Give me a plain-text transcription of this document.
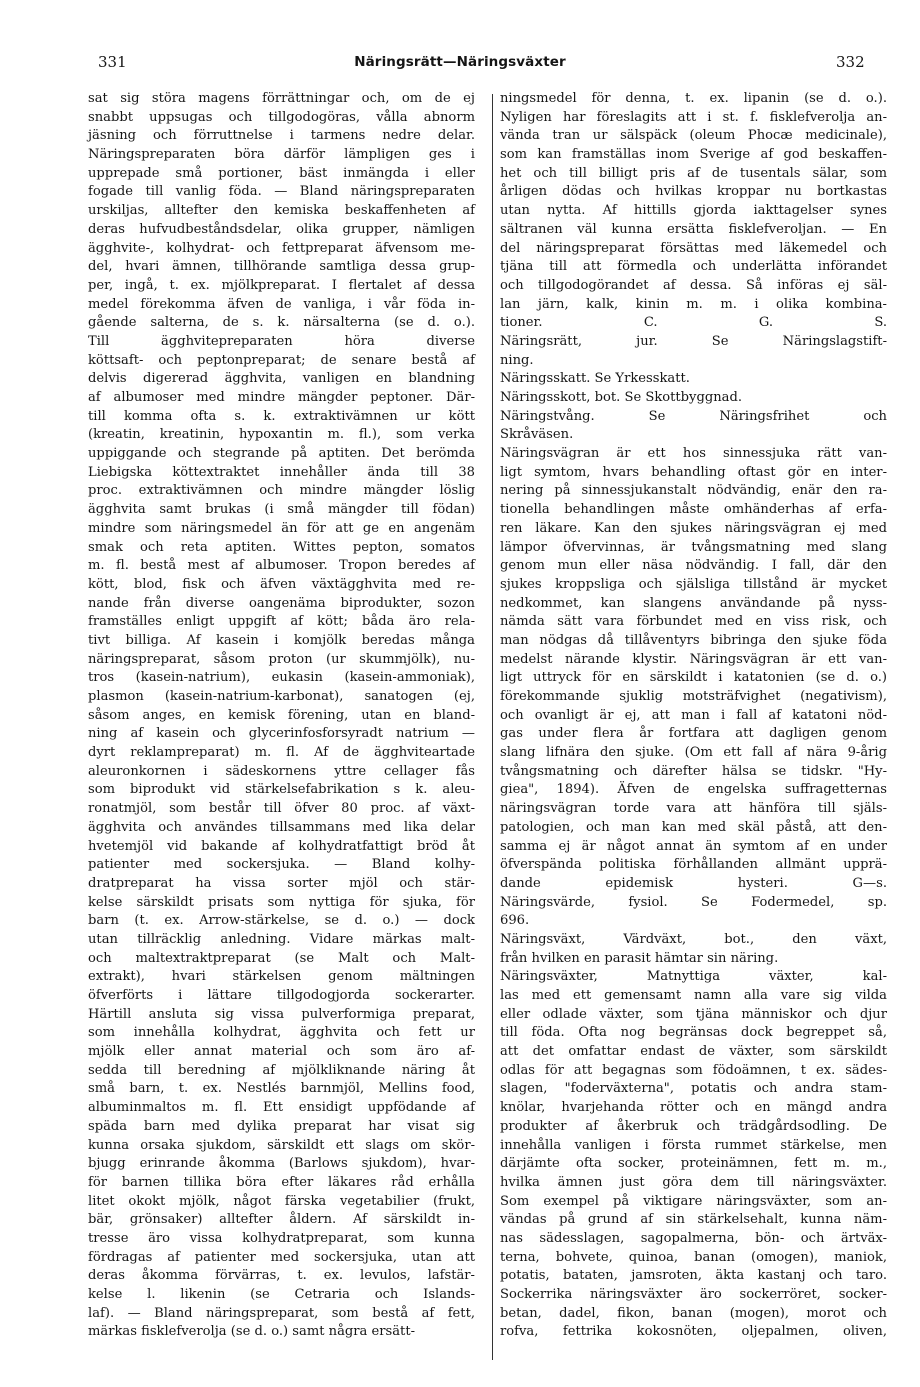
331	Näringsrätt—Näringsväxter	332
sat sig störa magens förrättningar och, om de ej
snabbt uppsugas och tillgodogöras, vålla abnorm
jäsning och förruttnelse i tarmens nedre delar.
Näringspreparaten böra därför lämpligen ges i
upprepade små portioner, bäst inmängda i eller
fogade till vanlig föda. — Bland näringspreparaten
urskiljas, alltefter den kemiska beskaffenheten af
deras hufvudbeståndsdelar, olika grupper, nämligen
ägghvite-, kolhydrat- och fettpreparat äfvensom me-
del, hvari ämnen, tillhörande samtliga dessa grup-
per, ingå, t. ex. mjölkpreparat. I flertalet af dessa
medel förekomma äfven de vanliga, i vår föda in-
gående salterna, de s. k. närsalterna (se d. o.).
Till ägghvitepreparaten höra diverse
köttsaft- och peptonpreparat; de senare bestå af
delvis digererad ägghvita, vanligen en blandning
af albumoser med mindre mängder peptoner. Där-
till komma ofta s. k. extraktivämnen ur kött
(kreatin, kreatinin, hypoxantin m. fl.), som verka
uppiggande och stegrande på aptiten. Det berömda
Liebigska köttextraktet innehåller ända till 38
proc. extraktivämnen och mindre mängder löslig
ägghvita samt brukas (i små mängder till födan)
mindre som näringsmedel än för att ge en angenäm
smak och reta aptiten. Wittes pepton, somatos
m. fl. bestå mest af albumoser. Tropon beredes af
kött, blod, fisk och äfven växtägghvita med re-
nande från diverse oangenäma biprodukter, sozon
framställes enligt uppgift af kött; båda äro rela-
tivt billiga. Af kasein i komjölk beredas många
näringspreparat, såsom proton (ur skummjölk), nu-
tros (kasein-natrium), eukasin (kasein-ammoniak),
plasmon (kasein-natrium-karbonat), sanatogen (ej,
såsom anges, en kemisk förening, utan en bland-
ning af kasein och glycerinfosforsyradt natrium —
dyrt reklampreparat) m. fl. Af de ägghviteartade
aleuronkornen i sädeskornens yttre cellager fås
som biprodukt vid stärkelsefabrikation s k. aleu-
ronatmjöl, som består till öfver 80 proc. af växt-
ägghvita och användes tillsammans med lika delar
hvetemjöl vid bakande af kolhydratfattigt bröd åt
patienter med sockersjuka. — Bland kolhy-
dratpreparat ha vissa sorter mjöl och stär-
kelse särskildt prisats som nyttiga för sjuka, för
barn (t. ex. Arrow-stärkelse, se d. o.) — dock
utan tillräcklig anledning. Vidare märkas malt-
och maltextraktpreparat (se Malt och Malt-
extrakt), hvari stärkelsen genom mältningen
öfverförts i lättare tillgodogjorda sockerarter.
Härtill ansluta sig vissa pulverformiga preparat,
som innehålla kolhydrat, ägghvita och fett ur
mjölk eller annat material och som äro af-
sedda till beredning af mjölkliknande näring åt
små barn, t. ex. Nestlés barnmjöl, Mellins food,
albuminmaltos m. fl. Ett ensidigt uppfödande af
späda barn med dylika preparat har visat sig
kunna orsaka sjukdom, särskildt ett slags om skör-
bjugg erinrande åkomma (Barlows sjukdom), hvar-
för barnen tillika böra efter läkares råd erhålla
litet okokt mjölk, något färska vegetabilier (frukt,
bär, grönsaker) alltefter åldern. Af särskildt in-
tresse äro vissa kolhydratpreparat, som kunna
fördragas af patienter med sockersjuka, utan att
deras åkomma förvärras, t. ex. levulos, lafstär-
kelse l. likenin (se Cetraria och Islands-
laf). — Bland näringspreparat, som bestå af fett,
märkas fisklefverolja (se d. o.) samt några ersätt-
ningsmedel för denna, t. ex. lipanin (se d. o.).
Nyligen har föreslagits att i st. f. fisklefverolja an-
vända tran ur sälspäck (oleum Phocæ medicinale),
som kan framställas inom Sverige af god beskaffen-
het och till billigt pris af de tusentals sälar, som
årligen dödas och hvilkas kroppar nu bortkastas
utan nytta. Af hittills gjorda iakttagelser synes
sältranen väl kunna ersätta fisklefveroljan. — En
del näringspreparat försättas med läkemedel och
tjäna till att förmedla och underlätta införandet
och tillgodogörandet af dessa. Så införas ej säl-
lan järn, kalk, kinin m. m. i olika kombina-
tioner. C. G. S.
Näringsrätt, jur. Se Näringslagstift-
ning.
Näringsskatt. Se Yrkesskatt.
Näringsskott, bot. Se Skottbyggnad.
Näringstvång. Se Näringsfrihet och
Skråväsen.
Näringsvägran är ett hos sinnessjuka rätt van-
ligt symtom, hvars behandling oftast gör en inter-
nering på sinnessjukanstalt nödvändig, enär den ra-
tionella behandlingen måste omhänderhas af erfa-
ren läkare. Kan den sjukes näringsvägran ej med
lämpor öfvervinnas, är tvångsmatning med slang
genom mun eller näsa nödvändig. I fall, där den
sjukes kroppsliga och själsliga tillstånd är mycket
nedkommet, kan slangens användande på nyss-
nämda sätt vara förbundet med en viss risk, och
man nödgas då tillåventyrs bibringa den sjuke föda
medelst närande klystir. Näringsvägran är ett van-
ligt uttryck för en särskildt i katatonien (se d. o.)
förekommande sjuklig motsträfvighet (negativism),
och ovanligt är ej, att man i fall af katatoni nöd-
gas under flera år fortfara att dagligen genom
slang lifnära den sjuke. (Om ett fall af nära 9-årig
tvångsmatning och därefter hälsa se tidskr. "Hy-
giea", 1894). Äfven de engelska suffragetternas
näringsvägran torde vara att hänföra till själs-
patologien, och man kan med skäl påstå, att den-
samma ej är något annat än symtom af en under
öfverspända politiska förhållanden allmänt upprä-
dande epidemisk hysteri. G—s.
Näringsvärde, fysiol. Se Fodermedel, sp.
696.
Näringsväxt, Värdväxt, bot., den växt,
från hvilken en parasit hämtar sin näring.
Näringsväxter, Matnyttiga växter, kal-
las med ett gemensamt namn alla vare sig vilda
eller odlade växter, som tjäna människor och djur
till föda. Ofta nog begränsas dock begreppet så,
att det omfattar endast de växter, som särskildt
odlas för att begagnas som födoämnen, t ex. sädes-
slagen, "foderväxterna", potatis och andra stam-
knölar, hvarjehanda rötter och en mängd andra
produkter af åkerbruk och trädgårdsodling. De
innehålla vanligen i första rummet stärkelse, men
därjämte ofta socker, proteinämnen, fett m. m.,
hvilka ämnen just göra dem till näringsväxter.
Som exempel på viktigare näringsväxter, som an-
vändas på grund af sin stärkelsehalt, kunna näm-
nas sädesslagen, sagopalmerna, bön- och ärtväx-
terna, bohvete, quinoa, banan (omogen), maniok,
potatis, bataten, jamsroten, äkta kastanj och taro.
Sockerrika näringsväxter äro sockerröret, socker-
betan, dadel, fikon, banan (mogen), morot och
rofva, fettrika kokosnöten, oljepalmen, oliven,
